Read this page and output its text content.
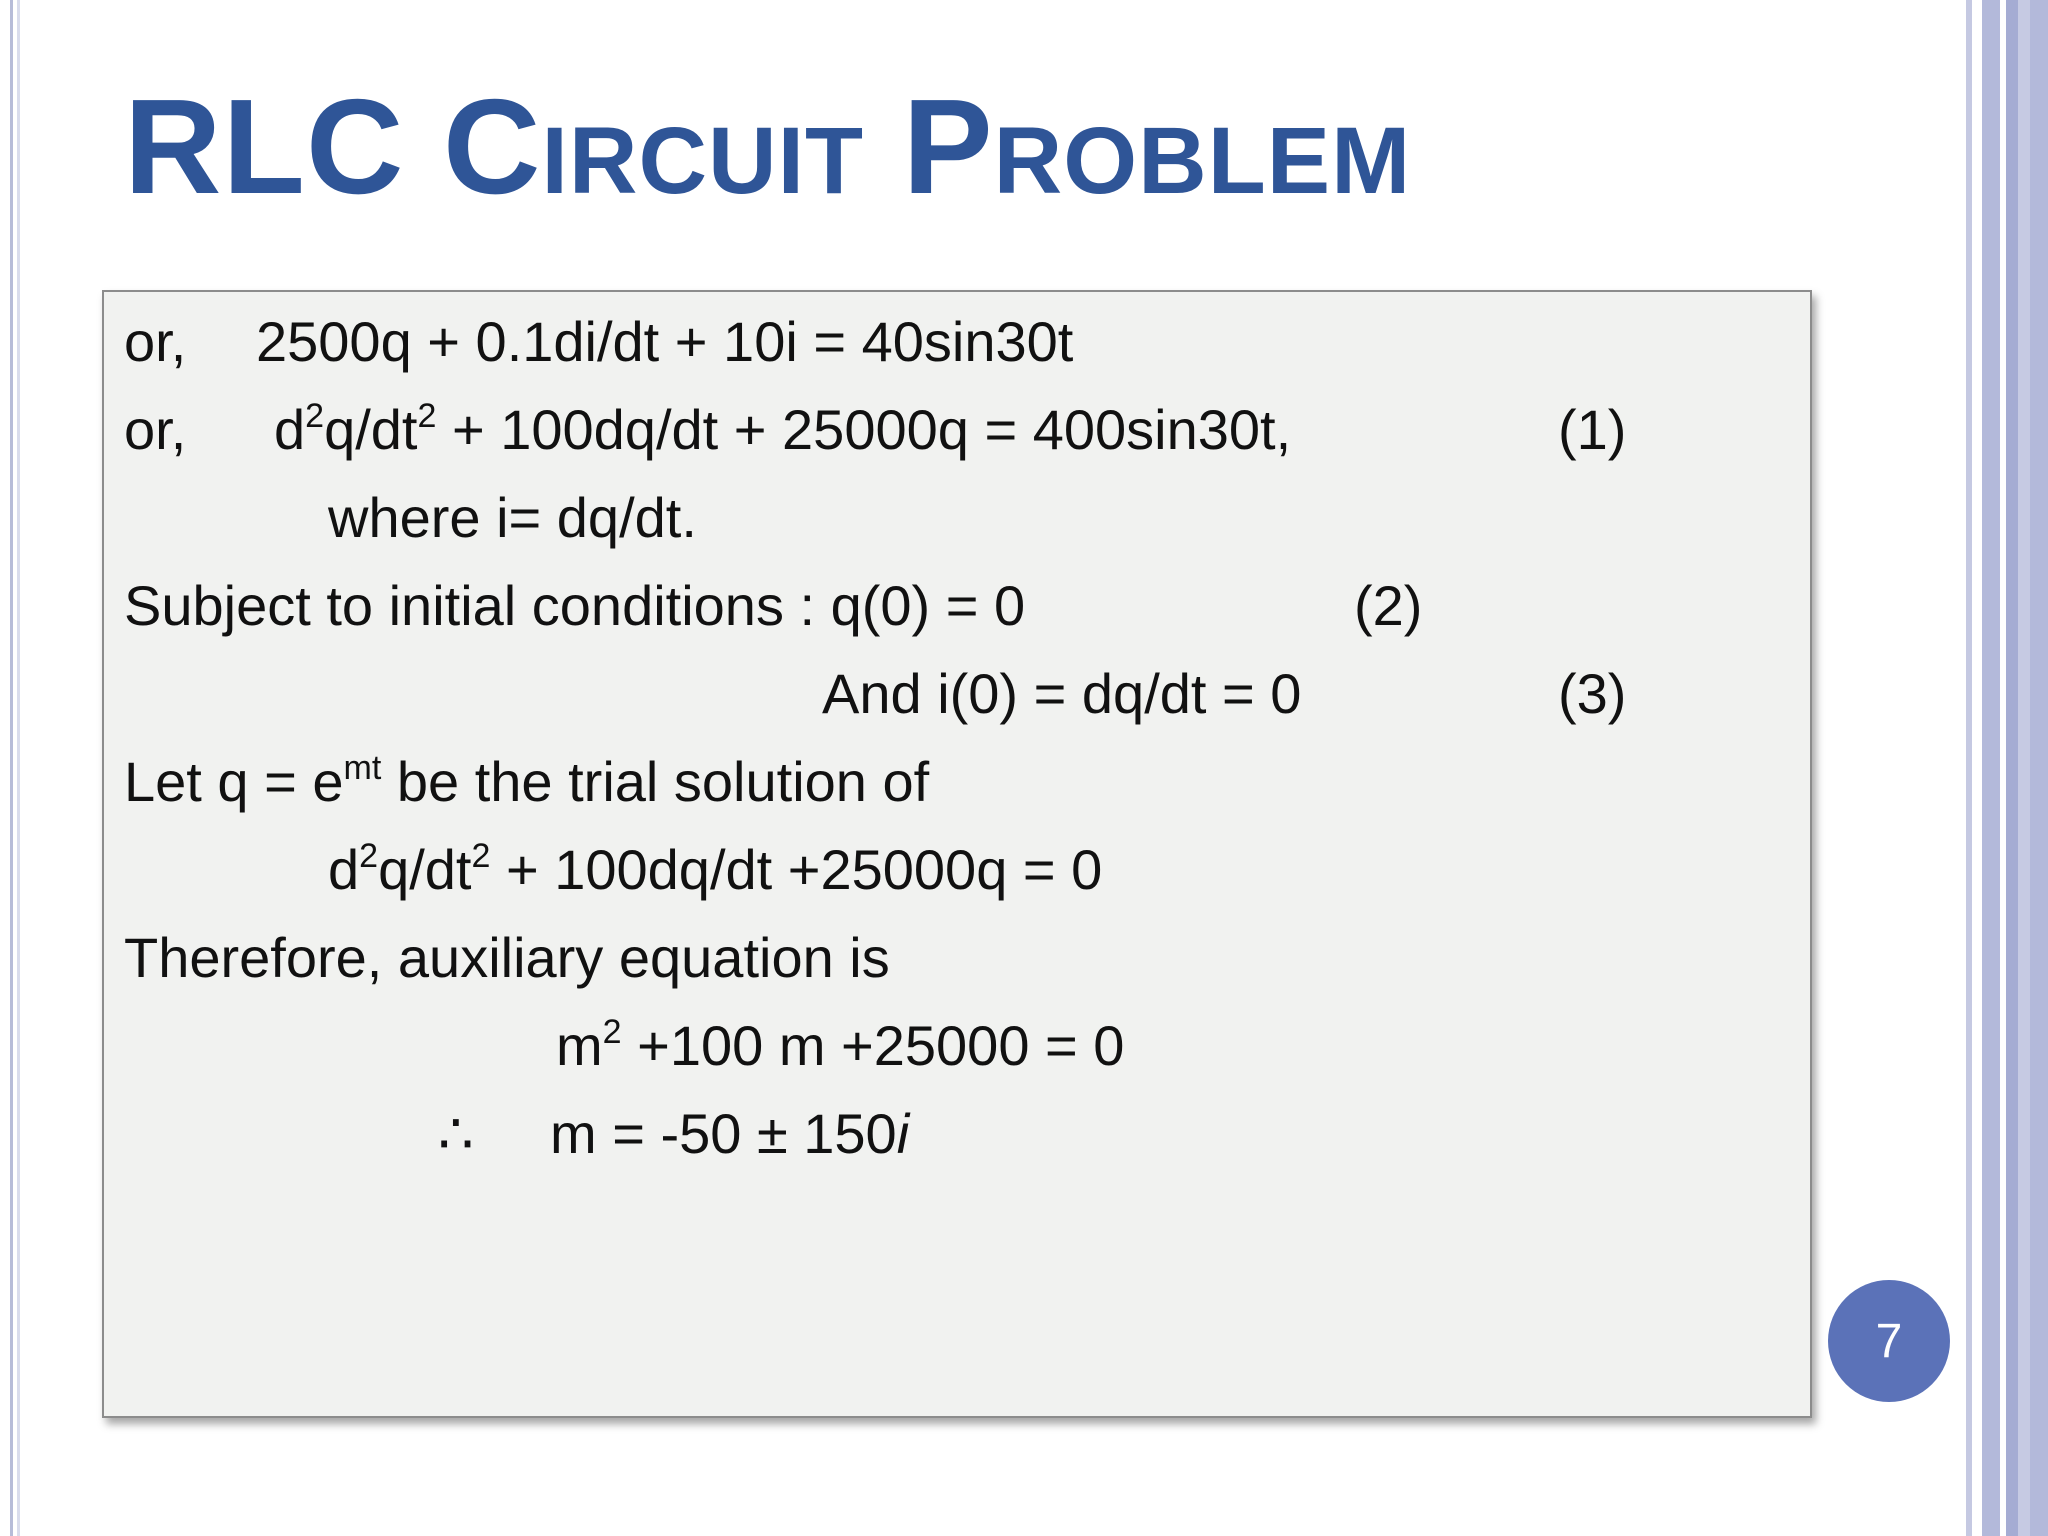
RLC Circuit Problem
or, 2500q + 0.1di/dt + 10i = 40sin30t
or, $d^2q/dt^2 + 100dq/dt + 25000q = 400\sin 30t$,	(1)
where i= dq/dt.
Subject to initial conditions : q(0) = 0	(2)
And i(0) = dq/dt = 0	(3)
Let $q = e^{mt}$ be the trial solution of
$d^2q/dt^2 + 100dq/dt +25000q = 0$
Therefore, auxiliary equation is
$m^2 +100$ m +25000 = 0
∴ m = -50 ± 150i
7
